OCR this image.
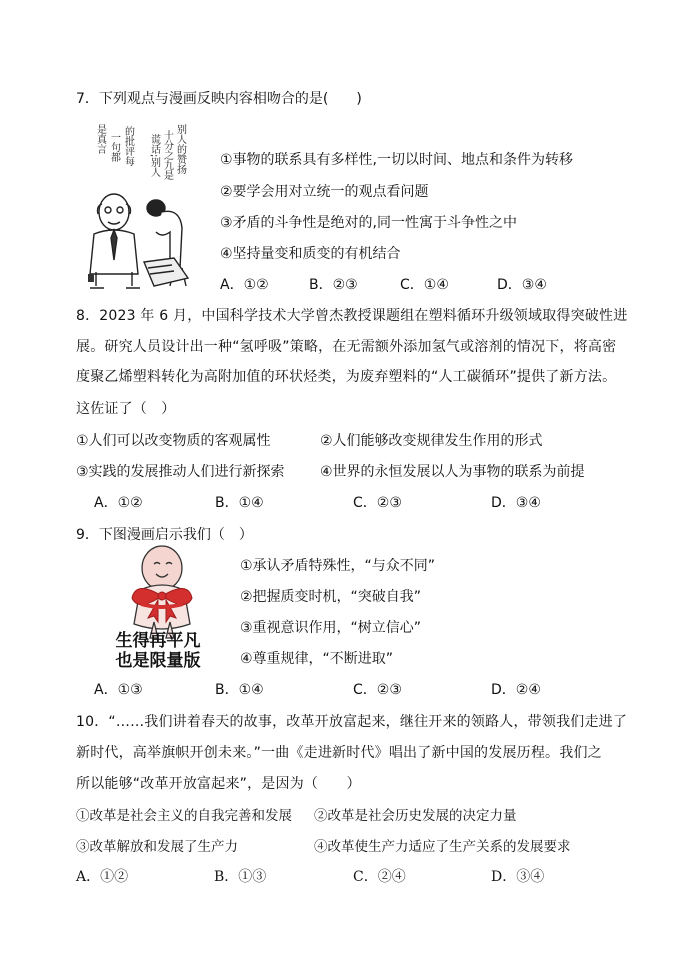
7．下列观点与漫画反映内容相吻合的是(　　)
别人的赞扬
十分之九是
谎话;别人
的批评每
一句都
是真言
①事物的联系具有多样性,一切以时间、地点和条件为转移
②要学会用对立统一的观点看问题
③矛盾的斗争性是绝对的,同一性寓于斗争性之中
④坚持量变和质变的有机结合
A．①②	B．②③	C．①④	D．③④
8．2023 年 6 月，中国科学技术大学曾杰教授课题组在塑料循环升级领域取得突破性进
展。研究人员设计出一种“氢呼吸”策略，在无需额外添加氢气或溶剂的情况下，将高密
度聚乙烯塑料转化为高附加值的环状烃类，为废弃塑料的“人工碳循环”提供了新方法。
这佐证了（　）
①人们可以改变物质的客观属性	②人们能够改变规律发生作用的形式
③实践的发展推动人们进行新探索	④世界的永恒发展以人为事物的联系为前提
A．①②	B．①④	C．②③	D．③④
9．下图漫画启示我们（　）
生得再平凡
也是限量版
①承认矛盾特殊性，“与众不同”
②把握质变时机，“突破自我”
③重视意识作用，“树立信心”
④尊重规律，“不断进取”
A．①③	B．①④	C．②③	D．②④
10．“……我们讲着春天的故事，改革开放富起来，继往开来的领路人，带领我们走进了
新时代，高举旗帜开创未来。”一曲《走进新时代》唱出了新中国的发展历程。我们之
所以能够“改革开放富起来”，是因为（　　）
①改革是社会主义的自我完善和发展 ②改革是社会历史发展的决定力量
③改革解放和发展了生产力	④改革使生产力适应了生产关系的发展要求
A．①②	B．①③	C．②④	D．③④
